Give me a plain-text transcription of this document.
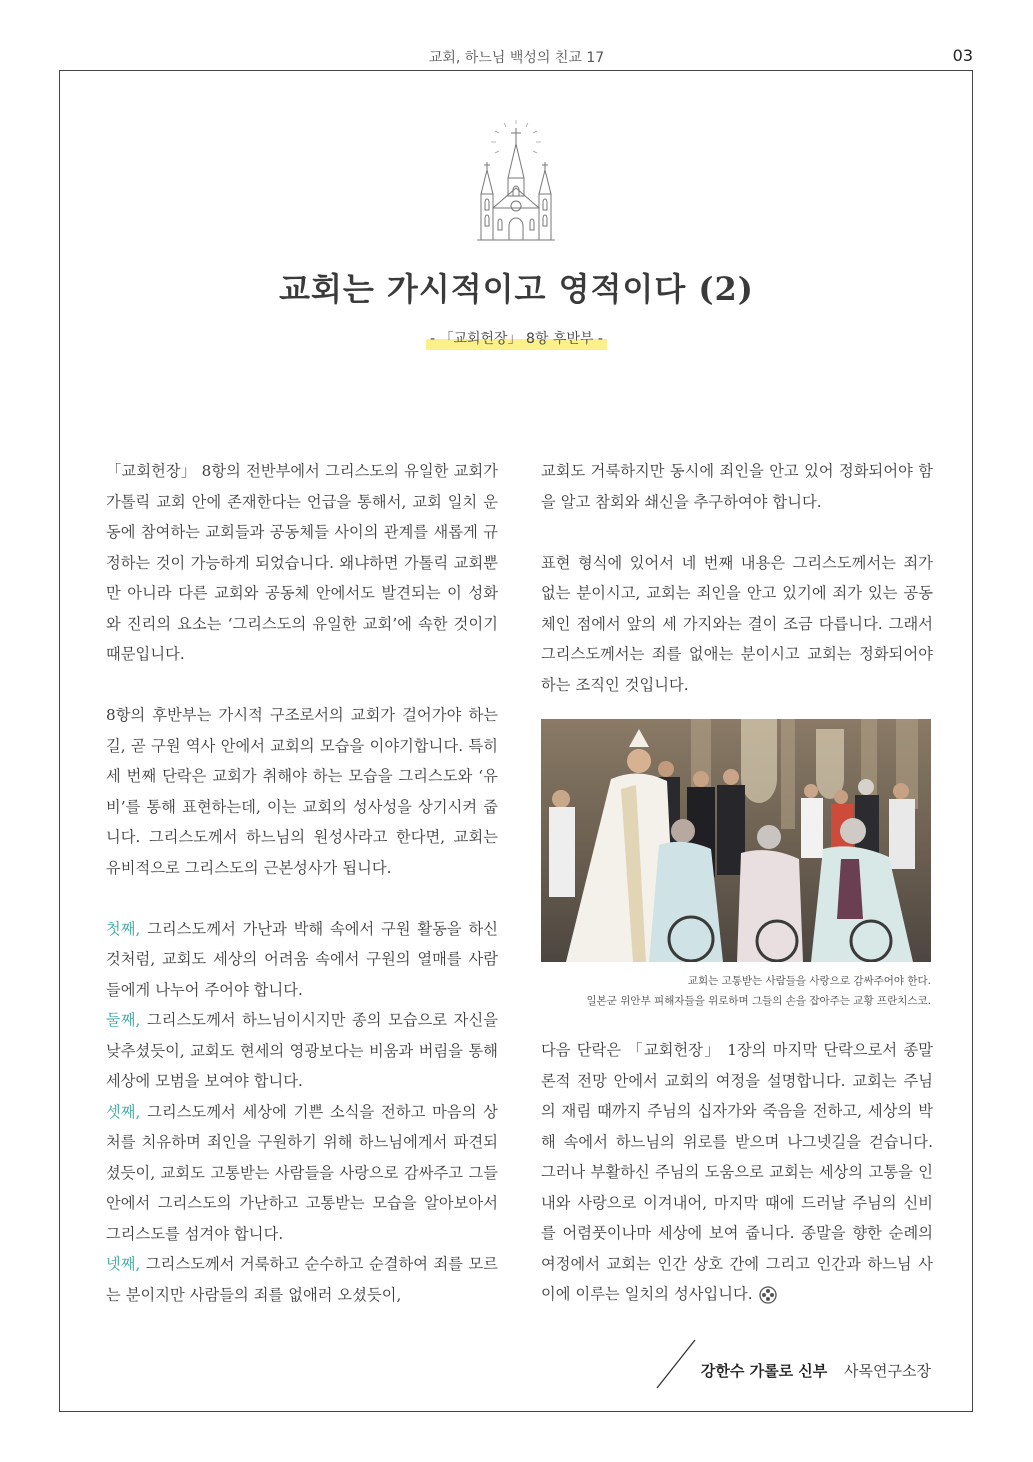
교회, 하느님 백성의 친교 17	03
교회는 가시적이고 영적이다 (2)
- 「교회헌장」 8항 후반부 -

「교회헌장」 8항의 전반부에서 그리스도의 유일한 교회가 가톨릭 교회 안에 존재한다는 언급을 통해서, 교회 일치 운동에 참여하는 교회들과 공동체들 사이의 관계를 새롭게 규정하는 것이 가능하게 되었습니다. 왜냐하면 가톨릭 교회뿐만 아니라 다른 교회와 공동체 안에서도 발견되는 이 성화와 진리의 요소는 ‘그리스도의 유일한 교회’에 속한 것이기 때문입니다.

8항의 후반부는 가시적 구조로서의 교회가 걸어가야 하는 길, 곧 구원 역사 안에서 교회의 모습을 이야기합니다. 특히 세 번째 단락은 교회가 취해야 하는 모습을 그리스도와 ‘유비’를 통해 표현하는데, 이는 교회의 성사성을 상기시켜 줍니다. 그리스도께서 하느님의 원성사라고 한다면, 교회는 유비적으로 그리스도의 근본성사가 됩니다.

첫째, 그리스도께서 가난과 박해 속에서 구원 활동을 하신 것처럼, 교회도 세상의 어려움 속에서 구원의 열매를 사람들에게 나누어 주어야 합니다.

둘째, 그리스도께서 하느님이시지만 종의 모습으로 자신을 낮추셨듯이, 교회도 현세의 영광보다는 비움과 버림을 통해 세상에 모범을 보여야 합니다.

셋째, 그리스도께서 세상에 기쁜 소식을 전하고 마음의 상처를 치유하며 죄인을 구원하기 위해 하느님에게서 파견되셨듯이, 교회도 고통받는 사람들을 사랑으로 감싸주고 그들 안에서 그리스도의 가난하고 고통받는 모습을 알아보아서 그리스도를 섬겨야 합니다.

넷째, 그리스도께서 거룩하고 순수하고 순결하여 죄를 모르는 분이지만 사람들의 죄를 없애러 오셨듯이,

교회도 거룩하지만 동시에 죄인을 안고 있어 정화되어야 함을 알고 참회와 쇄신을 추구하여야 합니다.

표현 형식에 있어서 네 번째 내용은 그리스도께서는 죄가 없는 분이시고, 교회는 죄인을 안고 있기에 죄가 있는 공동체인 점에서 앞의 세 가지와는 결이 조금 다릅니다. 그래서 그리스도께서는 죄를 없애는 분이시고 교회는 정화되어야 하는 조직인 것입니다.

교회는 고통받는 사람들을 사랑으로 감싸주어야 한다.
일본군 위안부 피해자들을 위로하며 그들의 손을 잡아주는 교황 프란치스코.

다음 단락은 「교회헌장」 1장의 마지막 단락으로서 종말론적 전망 안에서 교회의 여정을 설명합니다. 교회는 주님의 재림 때까지 주님의 십자가와 죽음을 전하고, 세상의 박해 속에서 하느님의 위로를 받으며 나그넷길을 걷습니다. 그러나 부활하신 주님의 도움으로 교회는 세상의 고통을 인내와 사랑으로 이겨내어, 마지막 때에 드러날 주님의 신비를 어렴풋이나마 세상에 보여 줍니다. 종말을 향한 순례의 여정에서 교회는 인간 상호 간에 그리고 인간과 하느님 사이에 이루는 일치의 성사입니다.

강한수 가롤로 신부 사목연구소장
